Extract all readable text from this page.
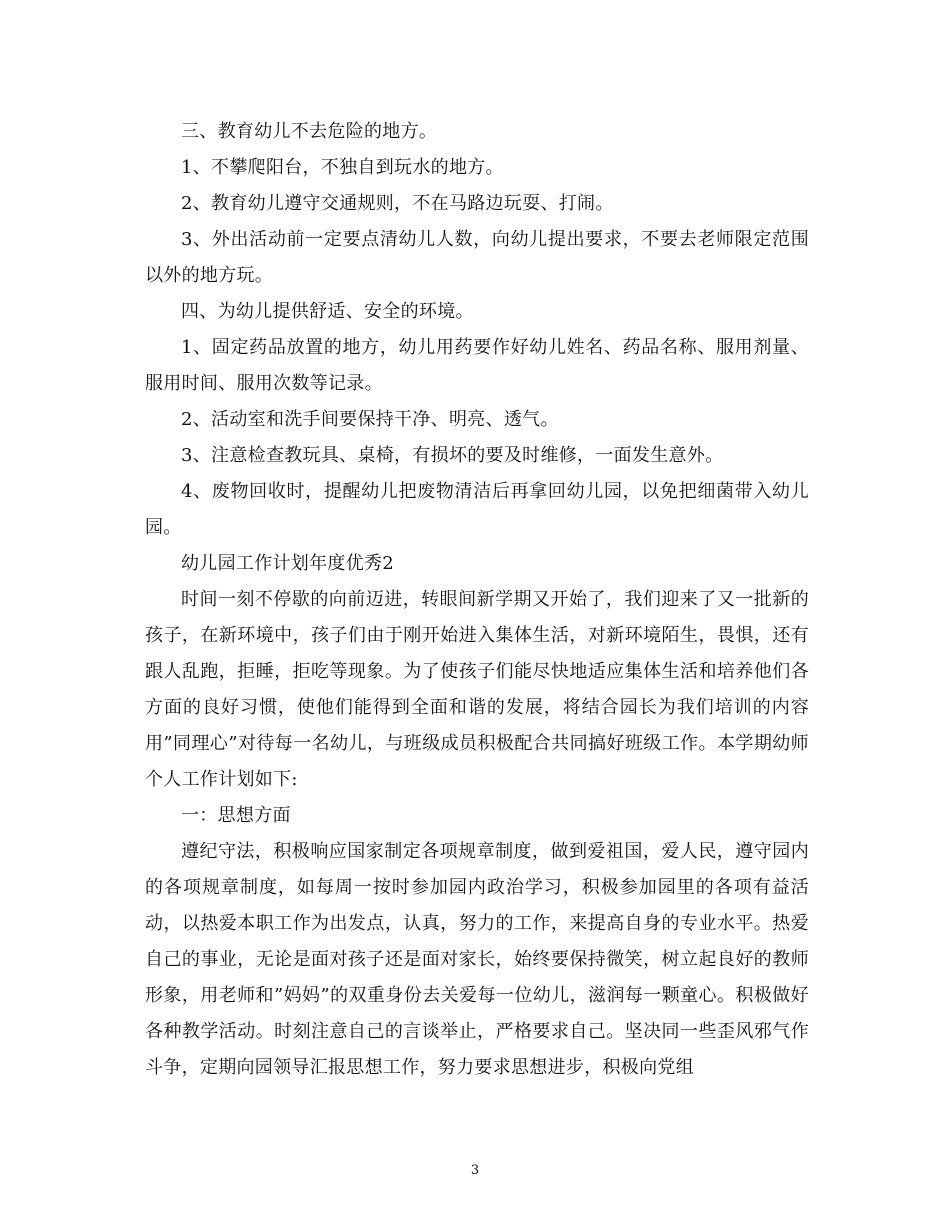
三、教育幼儿不去危险的地方。

1、不攀爬阳台，不独自到玩水的地方。

2、教育幼儿遵守交通规则，不在马路边玩耍、打闹。

3、外出活动前一定要点清幼儿人数，向幼儿提出要求，不要去老师限定范围以外的地方玩。

四、为幼儿提供舒适、安全的环境。

1、固定药品放置的地方，幼儿用药要作好幼儿姓名、药品名称、服用剂量、服用时间、服用次数等记录。

2、活动室和洗手间要保持干净、明亮、透气。

3、注意检查教玩具、桌椅，有损坏的要及时维修，一面发生意外。

4、废物回收时，提醒幼儿把废物清洁后再拿回幼儿园，以免把细菌带入幼儿园。

幼儿园工作计划年度优秀2

时间一刻不停歇的向前迈进，转眼间新学期又开始了，我们迎来了又一批新的孩子，在新环境中，孩子们由于刚开始进入集体生活，对新环境陌生，畏惧，还有跟人乱跑，拒睡，拒吃等现象。为了使孩子们能尽快地适应集体生活和培养他们各方面的良好习惯，使他们能得到全面和谐的发展，将结合园长为我们培训的内容用”同理心”对待每一名幼儿，与班级成员积极配合共同搞好班级工作。本学期幼师个人工作计划如下:

一：思想方面

遵纪守法，积极响应国家制定各项规章制度，做到爱祖国，爱人民，遵守园内的各项规章制度，如每周一按时参加园内政治学习，积极参加园里的各项有益活动，以热爱本职工作为出发点，认真，努力的工作，来提高自身的专业水平。热爱自己的事业，无论是面对孩子还是面对家长，始终要保持微笑，树立起良好的教师形象，用老师和”妈妈”的双重身份去关爱每一位幼儿，滋润每一颗童心。积极做好各种教学活动。时刻注意自己的言谈举止，严格要求自己。坚决同一些歪风邪气作斗争，定期向园领导汇报思想工作，努力要求思想进步，积极向党组

3
